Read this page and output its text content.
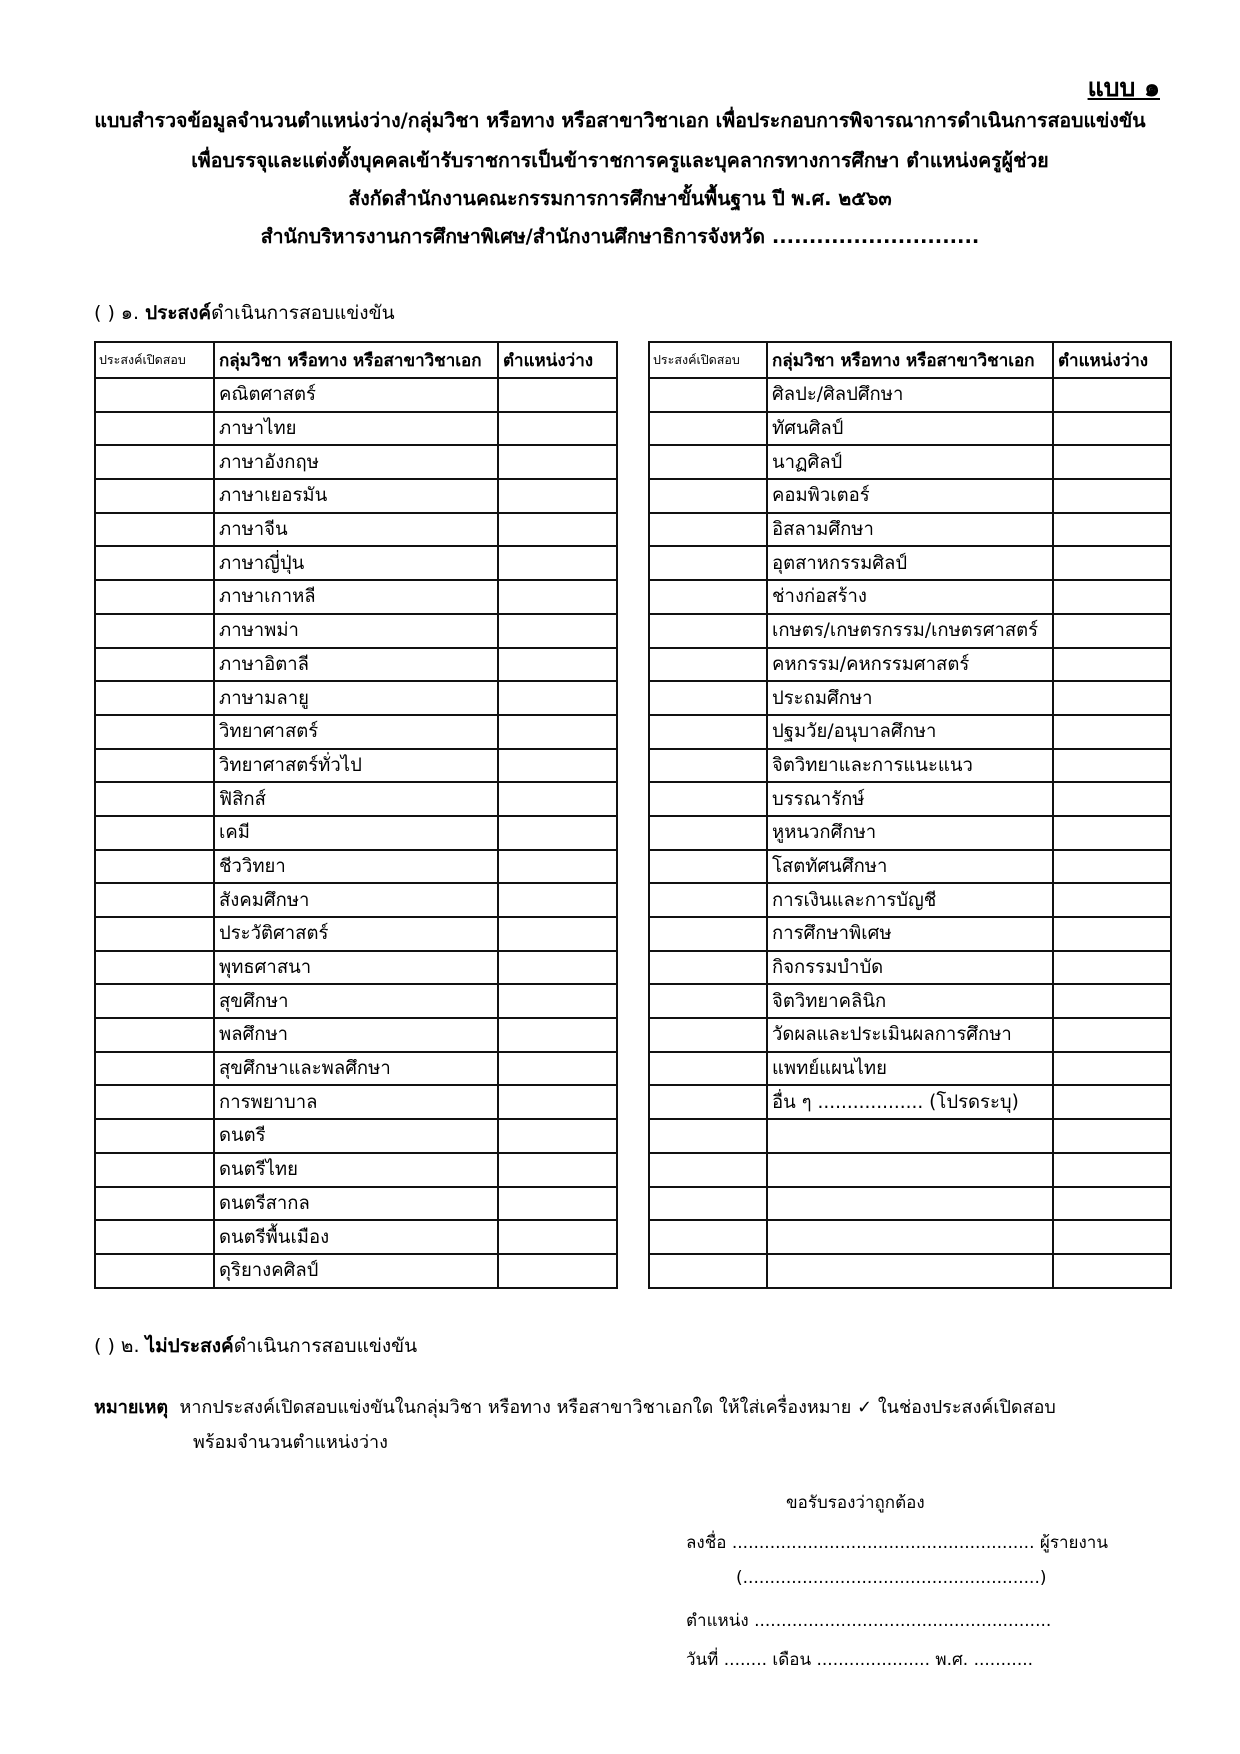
แบบ ๑
แบบสำรวจข้อมูลจำนวนตำแหน่งว่าง/กลุ่มวิชา หรือทาง หรือสาขาวิชาเอก เพื่อประกอบการพิจารณาการดำเนินการสอบแข่งขัน
เพื่อบรรจุและแต่งตั้งบุคคลเข้ารับราชการเป็นข้าราชการครูและบุคลากรทางการศึกษา ตำแหน่งครูผู้ช่วย
สังกัดสำนักงานคณะกรรมการการศึกษาขั้นพื้นฐาน ปี พ.ศ. ๒๕๖๓
สำนักบริหารงานการศึกษาพิเศษ/สำนักงานศึกษาธิการจังหวัด ............................
( ) ๑. ประสงค์ดำเนินการสอบแข่งขัน
ประสงค์เปิดสอบ	กลุ่มวิชา หรือทาง หรือสาขาวิชาเอก	ตำแหน่งว่าง
	คณิตศาสตร์	
	ภาษาไทย	
	ภาษาอังกฤษ	
	ภาษาเยอรมัน	
	ภาษาจีน	
	ภาษาญี่ปุ่น	
	ภาษาเกาหลี	
	ภาษาพม่า	
	ภาษาอิตาลี	
	ภาษามลายู	
	วิทยาศาสตร์	
	วิทยาศาสตร์ทั่วไป	
	ฟิสิกส์	
	เคมี	
	ชีววิทยา	
	สังคมศึกษา	
	ประวัติศาสตร์	
	พุทธศาสนา	
	สุขศึกษา	
	พลศึกษา	
	สุขศึกษาและพลศึกษา	
	การพยาบาล	
	ดนตรี	
	ดนตรีไทย	
	ดนตรีสากล	
	ดนตรีพื้นเมือง	
	ดุริยางคศิลป์	
ประสงค์เปิดสอบ	กลุ่มวิชา หรือทาง หรือสาขาวิชาเอก	ตำแหน่งว่าง
	ศิลปะ/ศิลปศึกษา	
	ทัศนศิลป์	
	นาฏศิลป์	
	คอมพิวเตอร์	
	อิสลามศึกษา	
	อุตสาหกรรมศิลป์	
	ช่างก่อสร้าง	
	เกษตร/เกษตรกรรม/เกษตรศาสตร์	
	คหกรรม/คหกรรมศาสตร์	
	ประถมศึกษา	
	ปฐมวัย/อนุบาลศึกษา	
	จิตวิทยาและการแนะแนว	
	บรรณารักษ์	
	หูหนวกศึกษา	
	โสตทัศนศึกษา	
	การเงินและการบัญชี	
	การศึกษาพิเศษ	
	กิจกรรมบำบัด	
	จิตวิทยาคลินิก	
	วัดผลและประเมินผลการศึกษา	
	แพทย์แผนไทย	
	อื่น ๆ .................. (โปรดระบุ)	

( ) ๒. ไม่ประสงค์ดำเนินการสอบแข่งขัน
หมายเหตุ หากประสงค์เปิดสอบแข่งขันในกลุ่มวิชา หรือทาง หรือสาขาวิชาเอกใด ให้ใส่เครื่องหมาย ✓ ในช่องประสงค์เปิดสอบ
พร้อมจำนวนตำแหน่งว่าง
ขอรับรองว่าถูกต้อง
ลงชื่อ ........................................................ ผู้รายงาน
(.......................................................)
ตำแหน่ง .......................................................
วันที่ ........ เดือน ..................... พ.ศ. ...........
